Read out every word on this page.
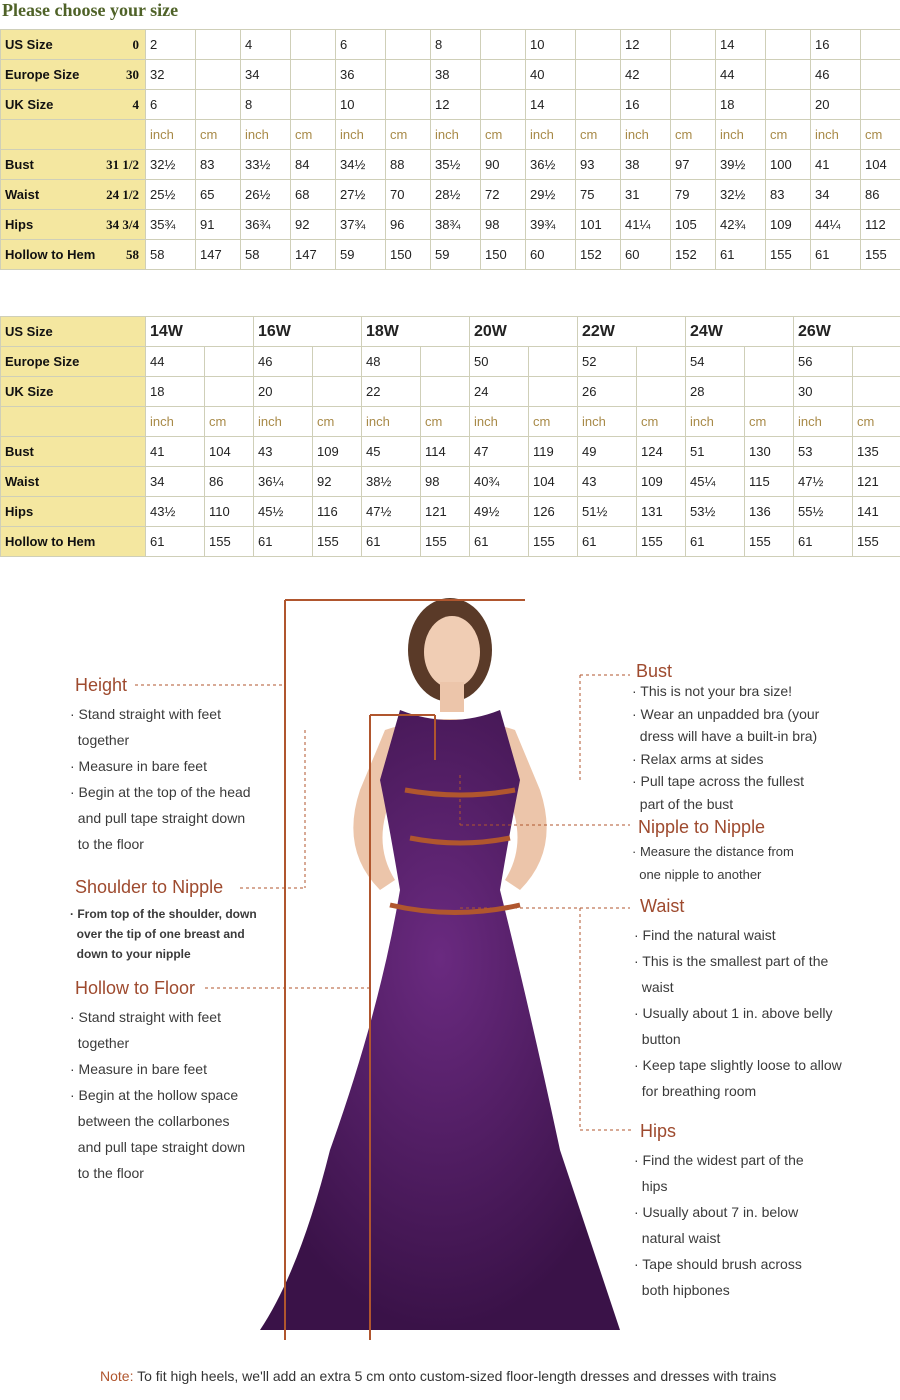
Please choose your size
US Size 0	2		4		6		8		10		12		14		16	
Europe Size 30	32		34		36		38		40		42		44		46	
UK Size 4	6		8		10		12		14		16		18		20	

	inch	cm	inch	cm	inch	cm	inch	cm	inch	cm	inch	cm	inch	cm	inch	cm
Bust 31 1/2	32½	83	33½	84	34½	88	35½	90	36½	93	38	97	39½	100	41	104
Waist 24 1/2	25½	65	26½	68	27½	70	28½	72	29½	75	31	79	32½	83	34	86
Hips 34 3/4	35¾	91	36¾	92	37¾	96	38¾	98	39¾	101	41¼	105	42¾	109	44¼	112
Hollow to Hem 58	58	147	58	147	59	150	59	150	60	152	60	152	61	155	61	155
US Size	14W		16W		18W		20W		22W		24W		26W	
Europe Size	44		46		48		50		52		54		56	
UK Size	18		20		22		24		26		28		30	
	inch	cm	inch	cm	inch	cm	inch	cm	inch	cm	inch	cm	inch	cm
Bust	41	104	43	109	45	114	47	119	49	124	51	130	53	135
Waist	34	86	36¼	92	38½	98	40¾	104	43	109	45¼	115	47½	121
Hips	43½	110	45½	116	47½	121	49½	126	51½	131	53½	136	55½	141
Hollow to Hem	61	155	61	155	61	155	61	155	61	155	61	155	61	155
Height
· Stand straight with feet
together
· Measure in bare feet
· Begin at the top of the head
and pull tape straight down
to the floor
Shoulder to Nipple
· From top of the shoulder, down
over the tip of one breast and
down to your nipple
Hollow to Floor
· Stand straight with feet
together
· Measure in bare feet
· Begin at the hollow space
between the collarbones
and pull tape straight down
to the floor
Bust
· This is not your bra size!
· Wear an unpadded bra (your
dress will have a built-in bra)
· Relax arms at sides
· Pull tape across the fullest
part of the bust
Nipple to Nipple
· Measure the distance from
one nipple to another
Waist
· Find the natural waist
· This is the smallest part of the
waist
· Usually about 1 in. above belly
button
· Keep tape slightly loose to allow
for breathing room
Hips
· Find the widest part of the
hips
· Usually about 7 in. below
natural waist
· Tape should brush across
both hipbones
Note: To fit high heels, we'll add an extra 5 cm onto custom-sized floor-length dresses and dresses with trains
